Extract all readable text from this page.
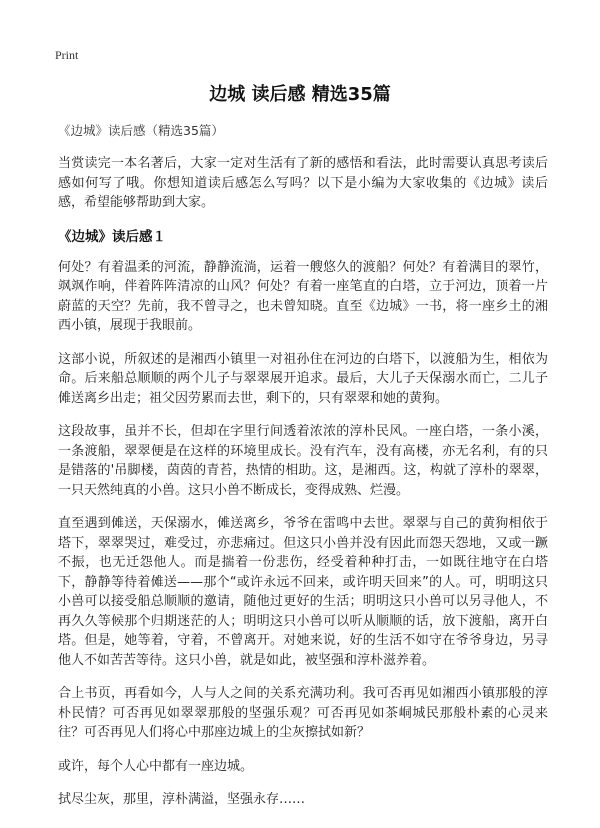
Print
边城 读后感 精选35篇
《边城》读后感（精选35篇）

当赏读完一本名著后，大家一定对生活有了新的感悟和看法，此时需要认真思考读后感如何写了哦。你想知道读后感怎么写吗？以下是小编为大家收集的《边城》读后感，希望能够帮助到大家。

《边城》读后感１

何处？有着温柔的河流，静静流淌，运着一艘悠久的渡船？何处？有着满目的翠竹，飒飒作响，伴着阵阵清凉的山风？何处？有着一座笔直的白塔，立于河边，顶着一片蔚蓝的天空？先前，我不曾寻之，也未曾知晓。直至《边城》一书，将一座乡土的湘西小镇，展现于我眼前。

这部小说，所叙述的是湘西小镇里一对祖孙住在河边的白塔下，以渡船为生，相依为命。后来船总顺顺的两个儿子与翠翠展开追求。最后，大儿子天保溺水而亡，二儿子傩送离乡出走；祖父因劳累而去世，剩下的，只有翠翠和她的黄狗。

这段故事，虽并不长，但却在字里行间透着浓浓的淳朴民风。一座白塔，一条小溪，一条渡船，翠翠便是在这样的环境里成长。没有汽车，没有高楼，亦无名利，有的只是错落的'吊脚楼，茵茵的青苔，热情的相助。这，是湘西。这，构就了淳朴的翠翠，一只天然纯真的小兽。这只小兽不断成长，变得成熟、烂漫。

直至遇到傩送，天保溺水，傩送离乡，爷爷在雷鸣中去世。翠翠与自己的黄狗相依于塔下，翠翠哭过，难受过，亦悲痛过。但这只小兽并没有因此而怨天怨地，又或一蹶不振，也无迁怨他人。而是揣着一份悲伤，经受着种种打击，一如既往地守在白塔下，静静等待着傩送——那个“或许永远不回来，或许明天回来”的人。可，明明这只小兽可以接受船总顺顺的邀请，随他过更好的生活；明明这只小兽可以另寻他人，不再久久等候那个归期迷茫的人；明明这只小兽可以听从顺顺的话，放下渡船，离开白塔。但是，她等着，守着，不曾离开。对她来说，好的生活不如守在爷爷身边，另寻他人不如苦苦等待。这只小兽，就是如此，被坚强和淳朴滋养着。

合上书页，再看如今，人与人之间的关系充满功利。我可否再见如湘西小镇那般的淳朴民情？可否再见如翠翠那般的坚强乐观？可否再见如茶峒城民那般朴素的心灵来往？可否再见人们将心中那座边城上的尘灰擦拭如新？

或许，每个人心中都有一座边城。

拭尽尘灰，那里，淳朴满溢，坚强永存……
